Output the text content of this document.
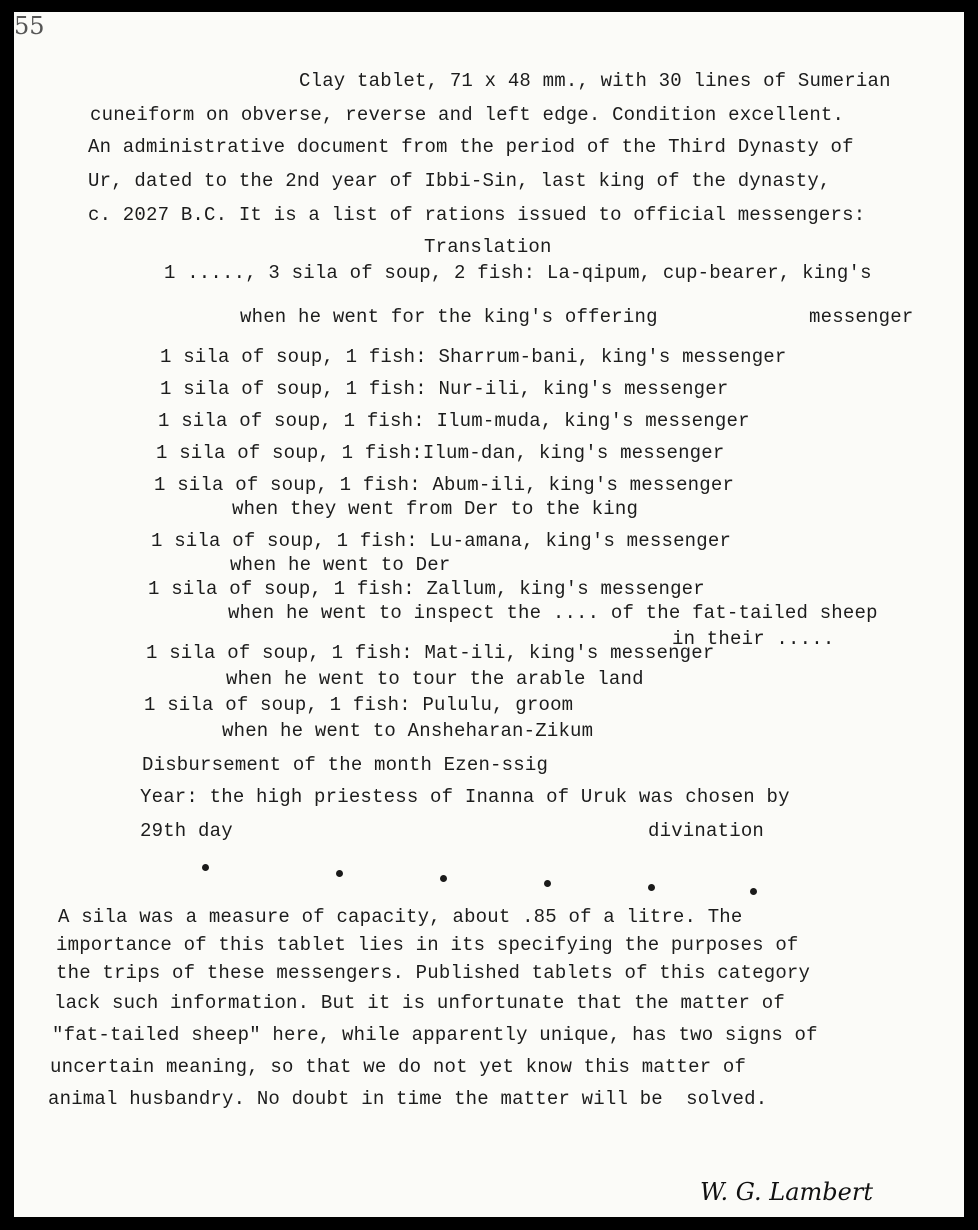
55
Clay tablet, 71 x 48 mm., with 30 lines of Sumerian
cuneiform on obverse, reverse and left edge. Condition excellent.
An administrative document from the period of the Third Dynasty of
Ur, dated to the 2nd year of Ibbi-Sin, last king of the dynasty,
c. 2027 B.C. It is a list of rations issued to official messengers:
Translation
1 ....., 3 sila of soup, 2 fish: La-qipum, cup-bearer, king's
messenger
when he went for the king's offering
1 sila of soup, 1 fish: Sharrum-bani, king's messenger
1 sila of soup, 1 fish: Nur-ili, king's messenger
1 sila of soup, 1 fish: Ilum-muda, king's messenger
1 sila of soup, 1 fish:Ilum-dan, king's messenger
1 sila of soup, 1 fish: Abum-ili, king's messenger
when they went from Der to the king
1 sila of soup, 1 fish: Lu-amana, king's messenger
when he went to Der
1 sila of soup, 1 fish: Zallum, king's messenger
when he went to inspect the .... of the fat-tailed sheep
in their .....
1 sila of soup, 1 fish: Mat-ili, king's messenger
when he went to tour the arable land
1 sila of soup, 1 fish: Pululu, groom
when he went to Ansheharan-Zikum
Disbursement of the month Ezen-ssig
Year: the high priestess of Inanna of Uruk was chosen by
29th day	divination
A sila was a measure of capacity, about .85 of a litre. The
importance of this tablet lies in its specifying the purposes of
the trips of these messengers. Published tablets of this category
lack such information. But it is unfortunate that the matter of
"fat-tailed sheep" here, while apparently unique, has two signs of
uncertain meaning, so that we do not yet know this matter of
animal husbandry. No doubt in time the matter will be  solved.
W. G. Lambert
